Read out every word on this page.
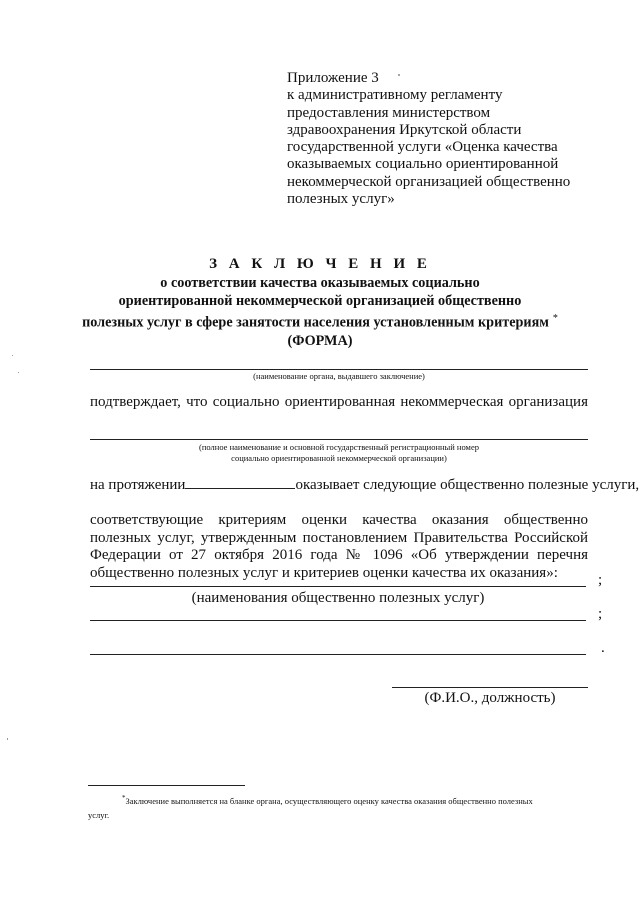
Приложение 3
к административному регламенту
предоставления министерством
здравоохранения Иркутской области
государственной услуги «Оценка качества
оказываемых социально ориентированной
некоммерческой организацией общественно
полезных услуг»
З А К Л Ю Ч Е Н И Е
о соответствии качества оказываемых социально
ориентированной некоммерческой организацией общественно
полезных услуг в сфере занятости населения установленным критериям *
(ФОРМА)
(наименование органа, выдавшего заключение)
подтверждает, что социально ориентированная некоммерческая организация
(полное наименование и основной государственный регистрационный номер
социально ориентированной некоммерческой организации)
на протяжении	оказывает следующие общественно полезные услуги,
соответствующие критериям оценки качества оказания общественно полезных услуг, утвержденным постановлением Правительства Российской Федерации от 27 октября 2016 года № 1096 «Об утверждении перечня общественно полезных услуг и критериев оценки качества их оказания»:	;
(наименования общественно полезных услуг)
;
.
(Ф.И.О., должность)
*Заключение выполняется на бланке органа, осуществляющего оценку качества оказания общественно полезных
услуг.
